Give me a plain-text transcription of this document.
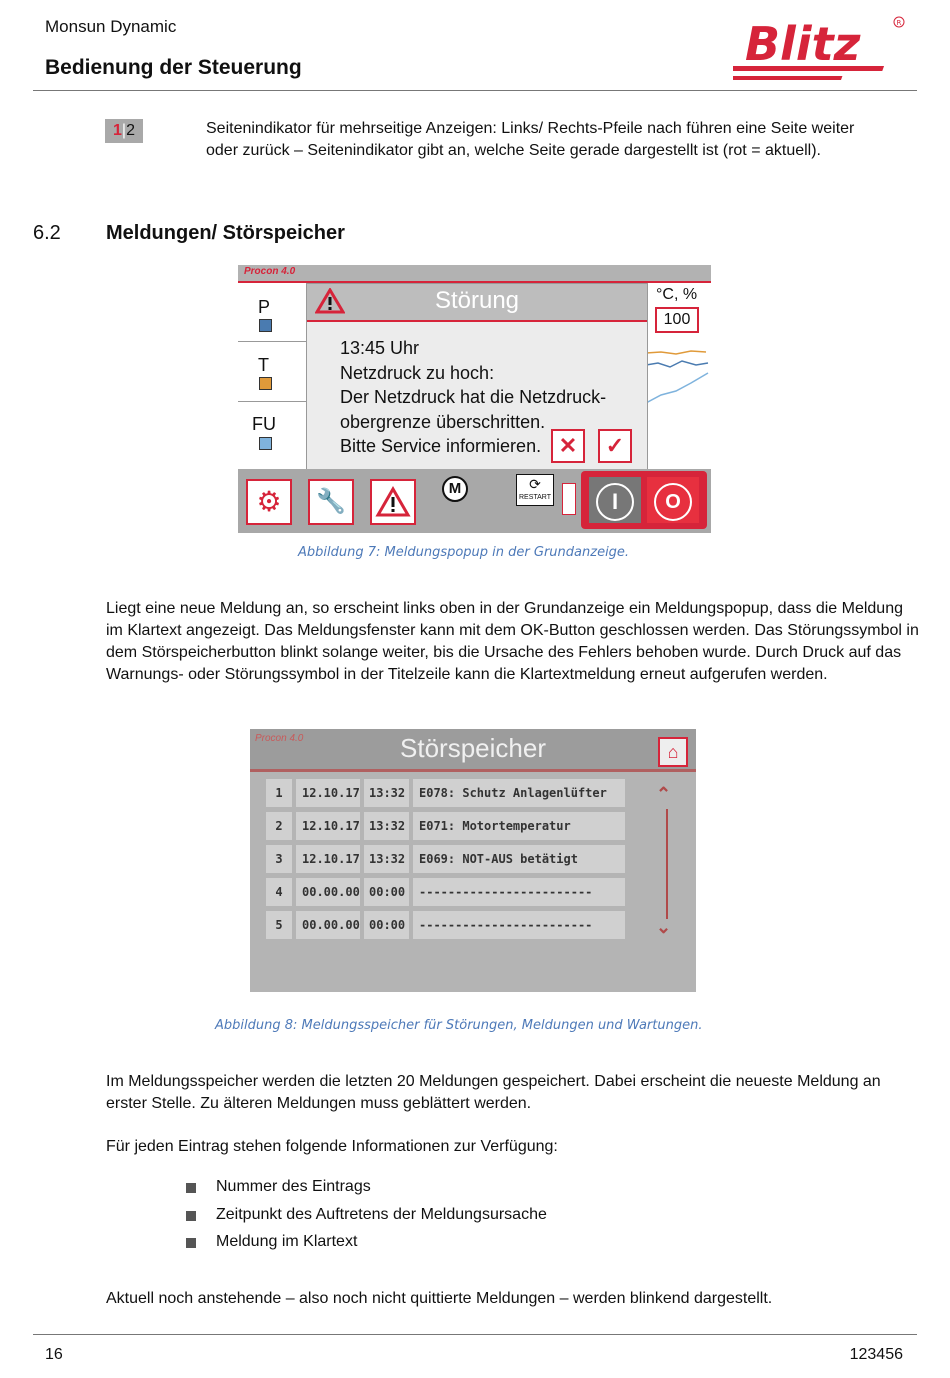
Monsun Dynamic
Bedienung der Steuerung	Blitz	R
1|2	Seitenindikator für mehrseitige Anzeigen: Links/ Rechts-Pfeile nach führen eine Seite weiter oder zurück – Seitenindikator gibt an, welche Seite gerade dargestellt ist (rot = aktuell).
6.2 Meldungen/ Störspeicher
Procon 4.0
P
T
FU
°C, %
100
Störung
13:45 Uhr
Netzdruck zu hoch:
Der Netzdruck hat die Netzdruck-
obergrenze überschritten.
Bitte Service informieren. ✕	✓
⚙	🔧	M	⟳
RESTART	I	O
Abbildung 7: Meldungspopup in der Grundanzeige.
Liegt eine neue Meldung an, so erscheint links oben in der Grundanzeige ein Meldungspopup, dass die Meldung im Klartext angezeigt. Das Meldungsfenster kann mit dem OK-Button geschlossen werden. Das Störungssymbol in dem Störspeicherbutton blinkt solange weiter, bis die Ursache des Fehlers behoben wurde. Durch Druck auf das Warnungs- oder Störungssymbol in der Titelzeile kann die Klartextmeldung erneut aufgerufen werden.
Procon 4.0	Störspeicher	⌂
1	12.10.17 13:32	E078: Schutz Anlagenlüfter
2	12.10.17 13:32	E071: Motortemperatur
3	12.10.17 13:32	E069: NOT-AUS betätigt
4	00.00.00 00:00	------------------------
5	00.00.00 00:00	------------------------
⌃
⌄
Abbildung 8: Meldungsspeicher für Störungen, Meldungen und Wartungen.
Im Meldungsspeicher werden die letzten 20 Meldungen gespeichert. Dabei erscheint die neueste Meldung an erster Stelle. Zu älteren Meldungen muss geblättert werden.
Für jeden Eintrag stehen folgende Informationen zur Verfügung:
Nummer des Eintrags
Zeitpunkt des Auftretens der Meldungsursache
Meldung im Klartext
Aktuell noch anstehende – also noch nicht quittierte Meldungen – werden blinkend dargestellt.
16	123456
